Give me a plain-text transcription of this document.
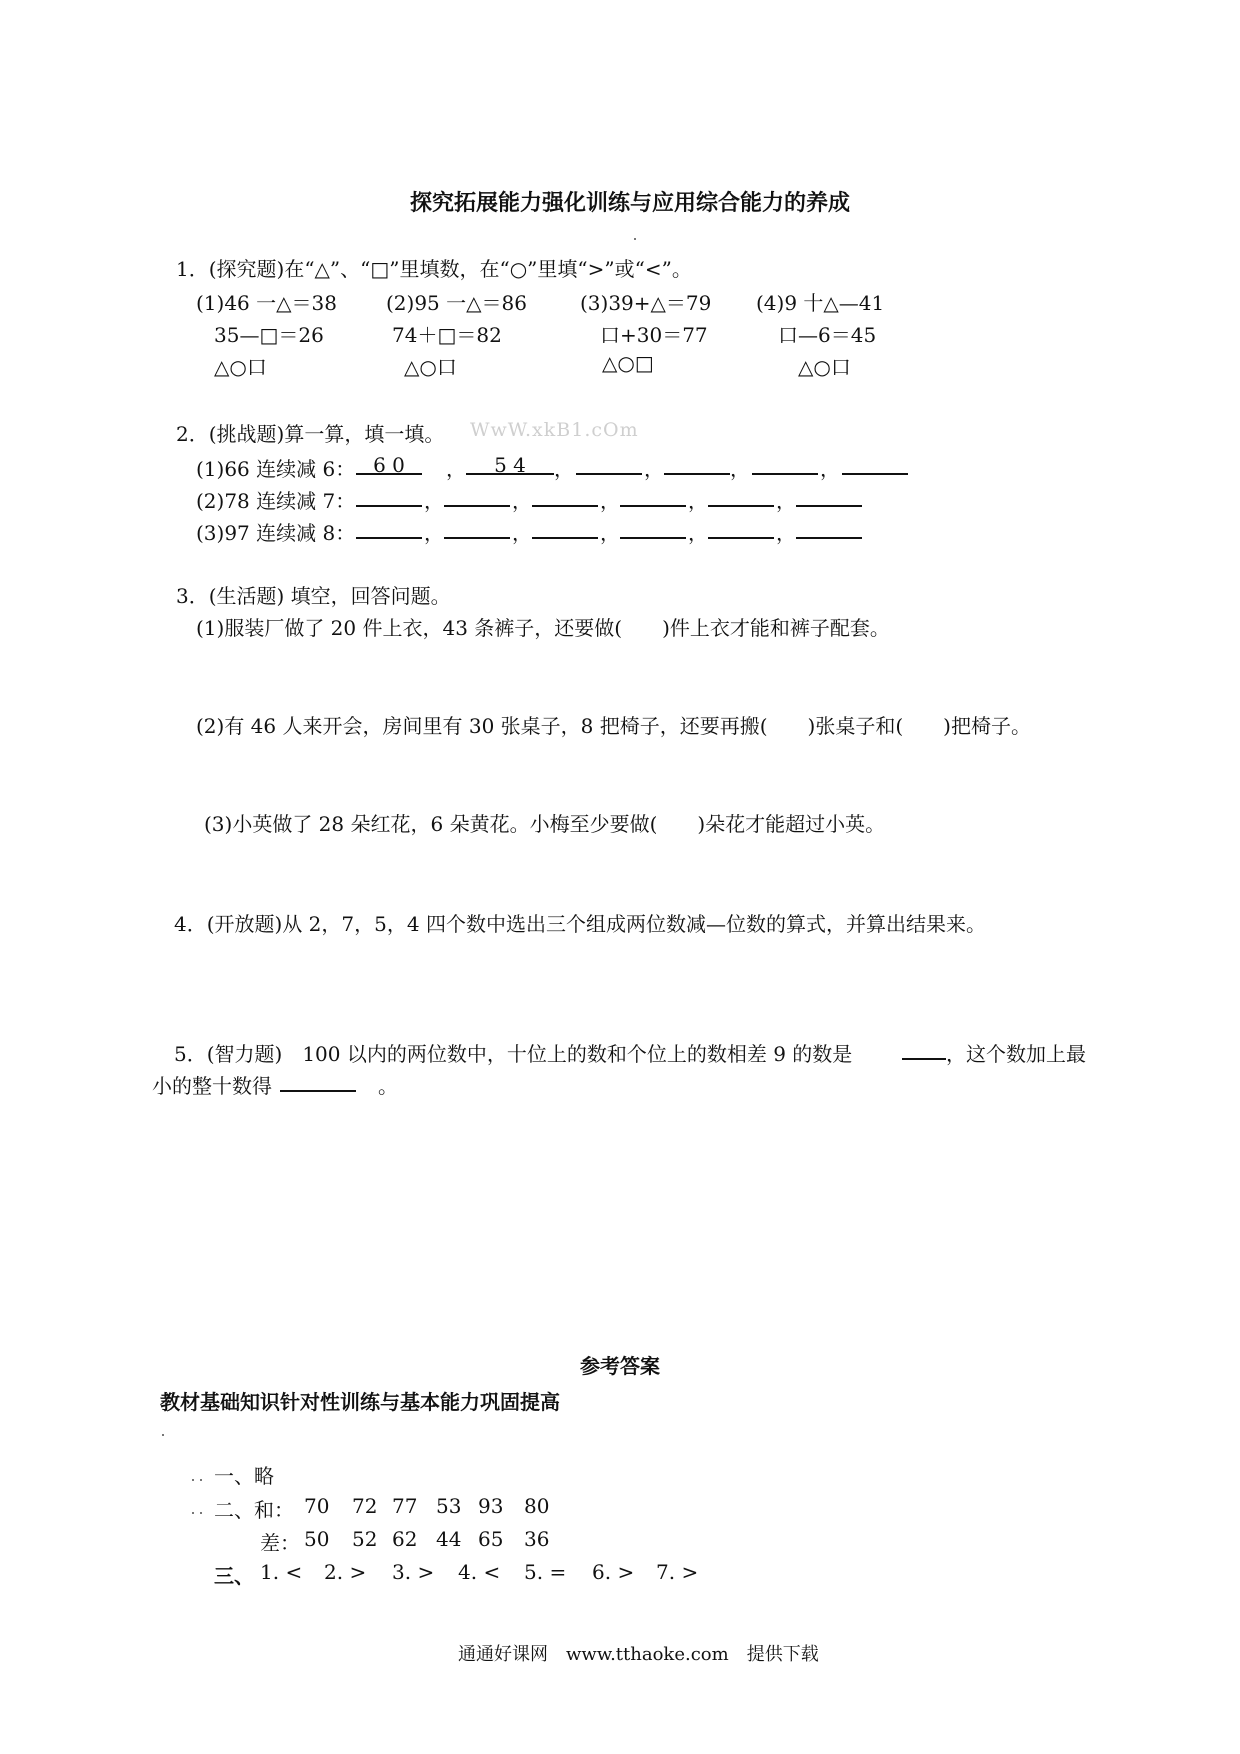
探究拓展能力强化训练与应用综合能力的养成
1．(探究题)在“△”、“□”里填数，在“○”里填“>”或“<”。
(1)46 一△＝38 (2)95 一△＝86	(3)39+△＝79 (4)9 十△—41
35—□＝26	74＋□＝82	口+30＝77	口—6＝45
△○口	△○口	△○□	△○口
2．(挑战题)算一算，填一填。 WwW.xkB1.cOm
(1)66 连续减 6： 6 0	，	5 4	，	，	，	，
(2)78 连续减 7：	，	，	，	，	，
(3)97 连续减 8：	，	，	，	，	，
3．(生活题) 填空，回答问题。
(1)服装厂做了 20 件上衣，43 条裤子，还要做(　　)件上衣才能和裤子配套。
(2)有 46 人来开会，房间里有 30 张桌子，8 把椅子，还要再搬(　　)张桌子和(　　)把椅子。
(3)小英做了 28 朵红花，6 朵黄花。小梅至少要做(　　)朵花才能超过小英。
4．(开放题)从 2，7，5，4 四个数中选出三个组成两位数减—位数的算式，并算出结果来。
5．(智力题)　100 以内的两位数中，十位上的数和个位上的数相差 9 的数是	，这个数加上最
小的整十数得	。
参考答案
教材基础知识针对性训练与基本能力巩固提高
一、略
二、和： 70 72 77 53 93 80
差： 50 52 62 44 65 36
三、 1. < 2. > 3. > 4. < 5. = 6. > 7. >
通通好课网　www.tthaoke.com　提供下载
